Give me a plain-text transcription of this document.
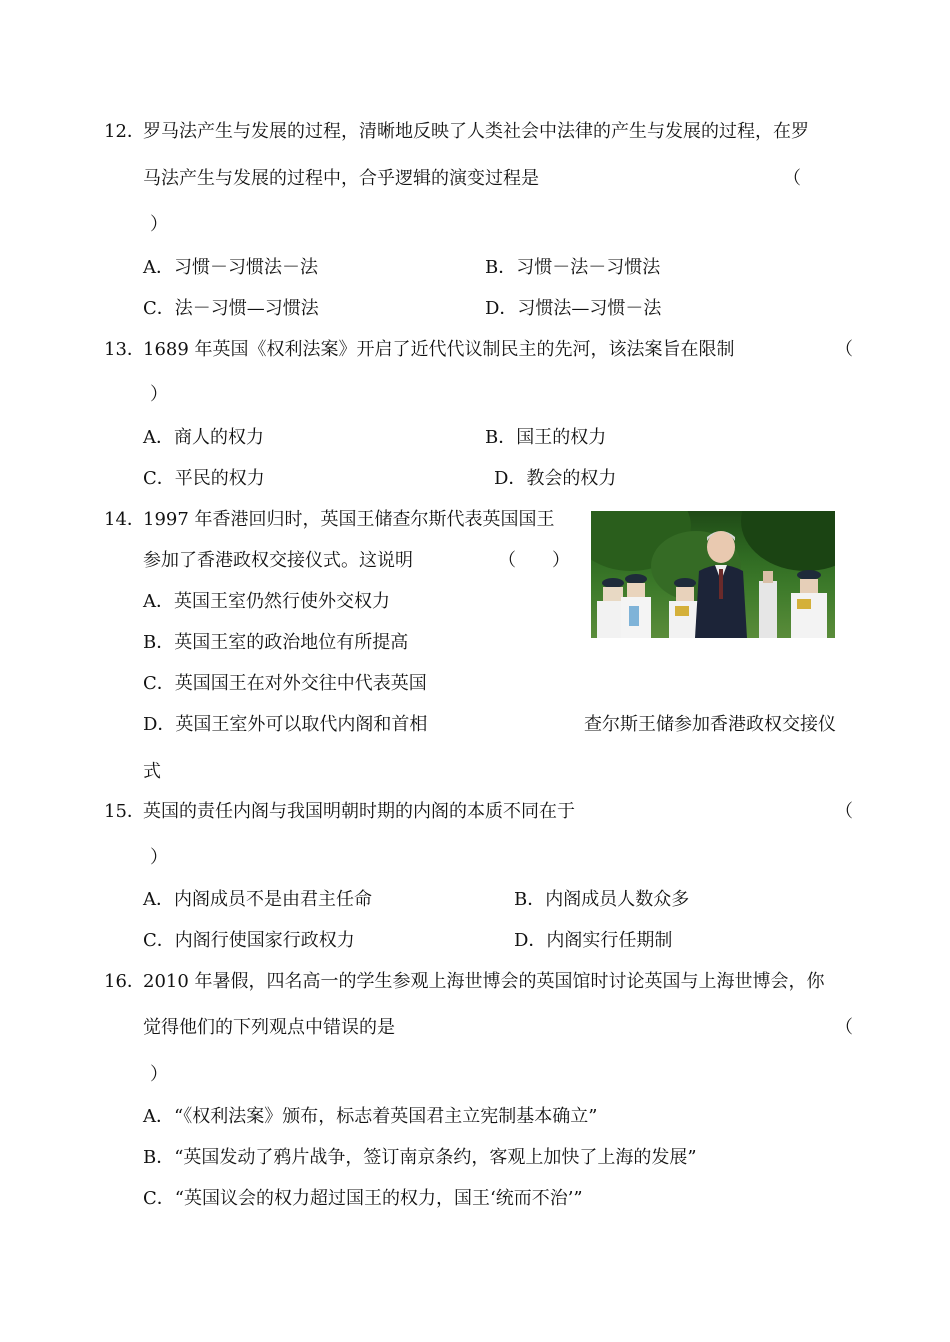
12．
罗马法产生与发展的过程，清晰地反映了人类社会中法律的产生与发展的过程，在罗
马法产生与发展的过程中，合乎逻辑的演变过程是	（
）
A．习惯－习惯法－法	B．习惯－法－习惯法
C．法－习惯—习惯法	D．习惯法—习惯－法
13．
1689 年英国《权利法案》开启了近代代议制民主的先河，该法案旨在限制	（
）
A．商人的权力	B．国王的权力
C．平民的权力	D．教会的权力
14．
1997 年香港回归时，英国王储查尔斯代表英国国王
参加了香港政权交接仪式。这说明	（　　）
A．英国王室仍然行使外交权力
B．英国王室的政治地位有所提高
C．英国国王在对外交往中代表英国
D．英国王室外可以取代内阁和首相	查尔斯王储参加香港政权交接仪
式
15．
英国的责任内阁与我国明朝时期的内阁的本质不同在于	（
）
A．内阁成员不是由君主任命	B．内阁成员人数众多
C．内阁行使国家行政权力	D．内阁实行任期制
16．
2010 年暑假，四名高一的学生参观上海世博会的英国馆时讨论英国与上海世博会，你
觉得他们的下列观点中错误的是	（
）
A．“《权利法案》颁布，标志着英国君主立宪制基本确立”
B．“英国发动了鸦片战争，签订南京条约，客观上加快了上海的发展”
C．“英国议会的权力超过国王的权力，国王‘统而不治’”
